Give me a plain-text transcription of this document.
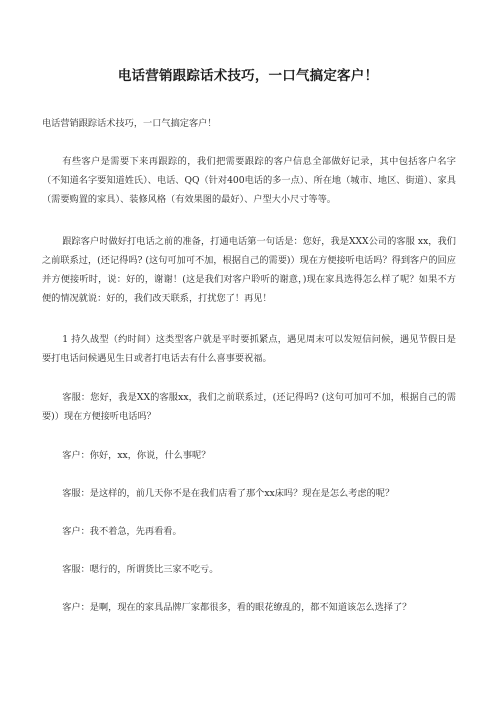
电话营销跟踪话术技巧，一口气搞定客户！

电话营销跟踪话术技巧，一口气搞定客户！

有些客户是需要下来再跟踪的，我们把需要跟踪的客户信息全部做好记录，其中包括客户名字（不知道名字要知道姓氏）、电话、QQ（针对400电话的多一点）、所在地（城市、地区、街道）、家具（需要购置的家具）、装修风格（有效果图的最好）、户型大小尺寸等等。

跟踪客户时做好打电话之前的准备，打通电话第一句话是：您好，我是XXX公司的客服 xx，我们之前联系过，(还记得吗? (这句可加可不加，根据自己的需要)）现在方便接听电话吗？得到客户的回应并方便接听时，说：好的，谢谢！(这是我们对客户聆听的谢意，)现在家具选得怎么样了呢？如果不方便的情况就说：好的，我们改天联系，打扰您了！再见！

1 持久战型（约时间）这类型客户就是平时要抓紧点，遇见周末可以发短信问候，遇见节假日是要打电话问候遇见生日或者打电话去有什么喜事要祝福。

客服：您好，我是XX的客服xx，我们之前联系过，(还记得吗? (这句可加可不加，根据自己的需要)）现在方便接听电话吗？

客户：你好，xx，你说，什么事呢？

客服：是这样的，前几天你不是在我们店看了那个xx床吗？现在是怎么考虑的呢？

客户：我不着急，先再看看。

客服：嗯行的，所谓货比三家不吃亏。

客户：是啊，现在的家具品牌厂家都很多，看的眼花缭乱的，都不知道该怎么选择了？
